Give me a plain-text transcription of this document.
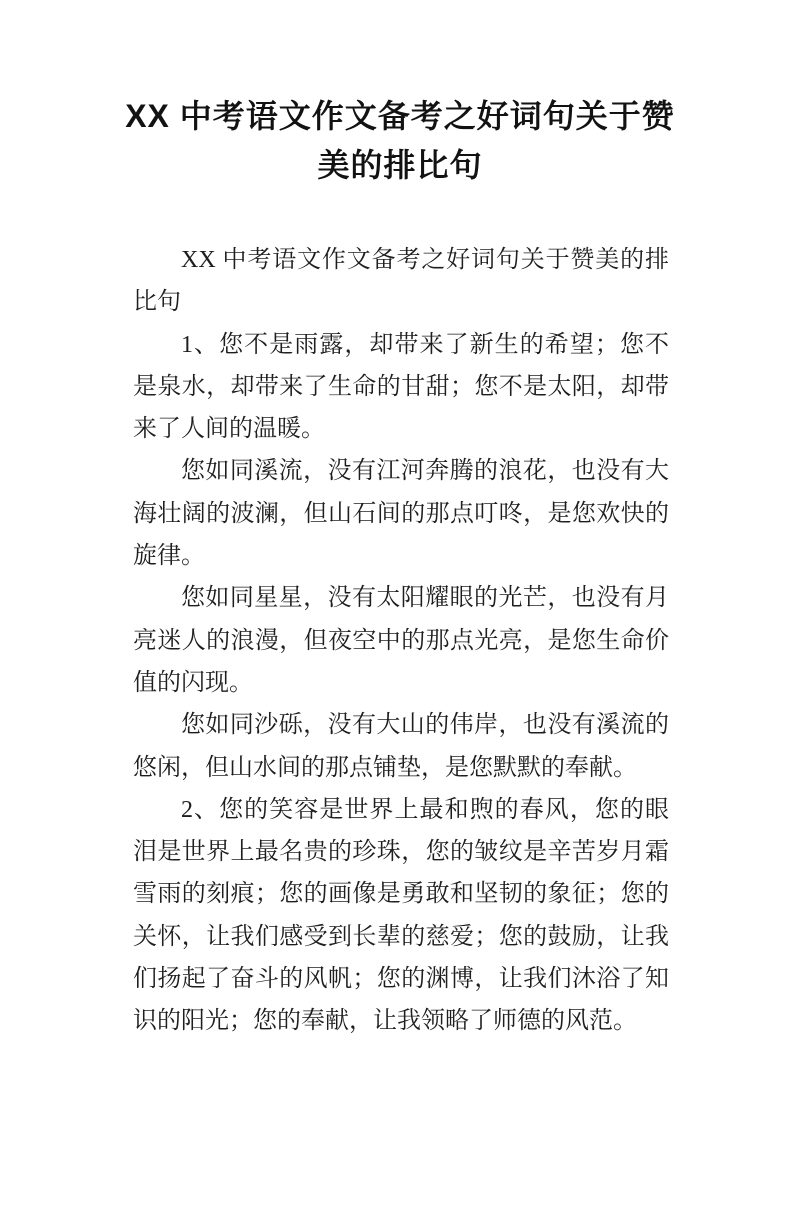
XX 中考语文作文备考之好词句关于赞
美的排比句

XX 中考语文作文备考之好词句关于赞美的排比句

1、您不是雨露，却带来了新生的希望；您不是泉水，却带来了生命的甘甜；您不是太阳，却带来了人间的温暖。

您如同溪流，没有江河奔腾的浪花，也没有大海壮阔的波澜，但山石间的那点叮咚，是您欢快的旋律。

您如同星星，没有太阳耀眼的光芒，也没有月亮迷人的浪漫，但夜空中的那点光亮，是您生命价值的闪现。

您如同沙砾，没有大山的伟岸，也没有溪流的悠闲，但山水间的那点铺垫，是您默默的奉献。

2、您的笑容是世界上最和煦的春风，您的眼泪是世界上最名贵的珍珠，您的皱纹是辛苦岁月霜雪雨的刻痕；您的画像是勇敢和坚韧的象征；您的关怀，让我们感受到长辈的慈爱；您的鼓励，让我们扬起了奋斗的风帆；您的渊博，让我们沐浴了知识的阳光；您的奉献，让我领略了师德的风范。
